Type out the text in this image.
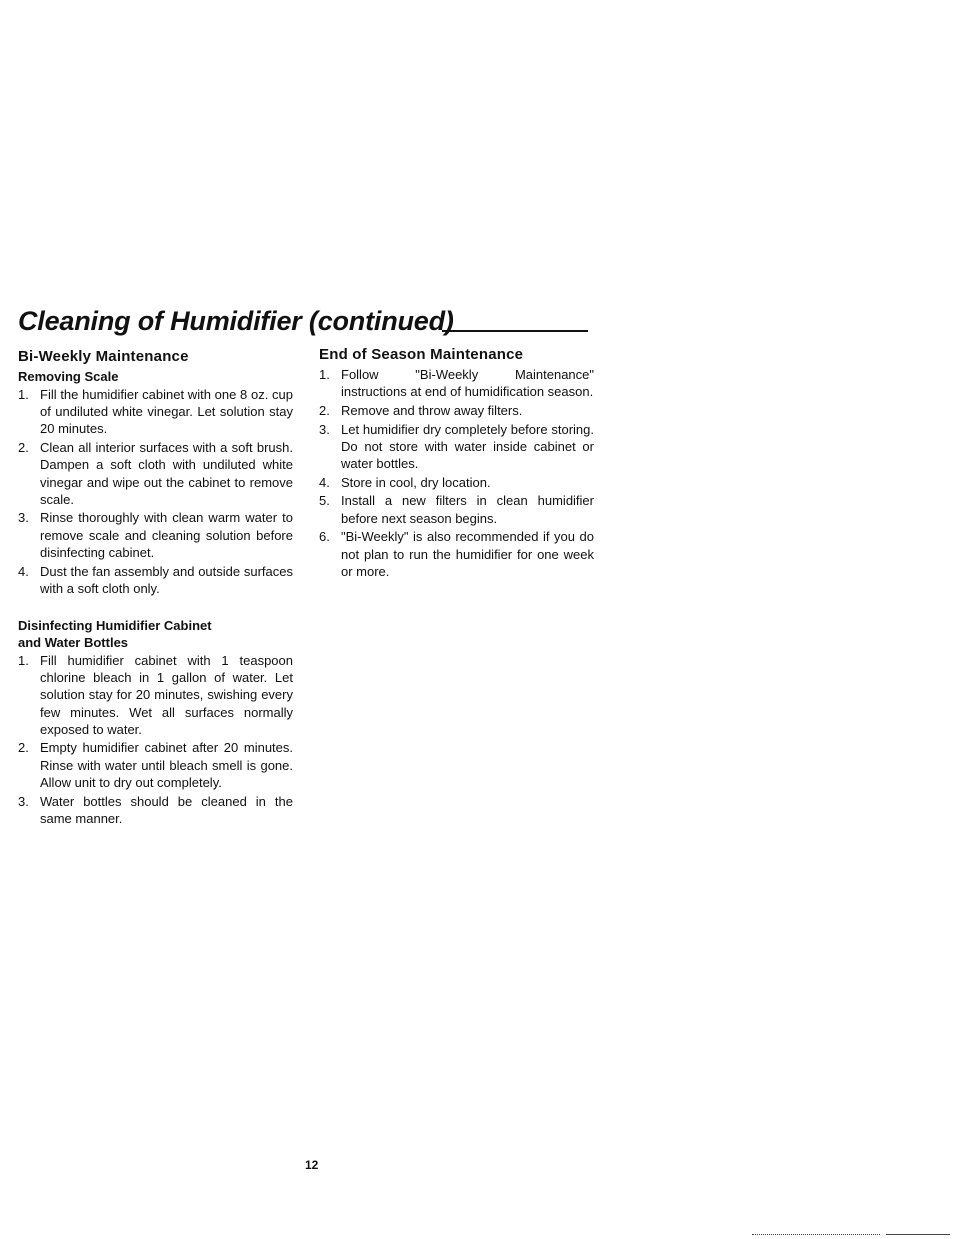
Cleaning of Humidifier (continued)
Bi-Weekly Maintenance
Removing Scale
1. Fill the humidifier cabinet with one 8 oz. cup of undiluted white vinegar. Let solution stay 20 minutes.
2. Clean all interior surfaces with a soft brush. Dampen a soft cloth with undiluted white vinegar and wipe out the cabinet to remove scale.
3. Rinse thoroughly with clean warm water to remove scale and cleaning solution before disinfecting cabinet.
4. Dust the fan assembly and outside surfaces with a soft cloth only.
Disinfecting Humidifier Cabinet
and Water Bottles
1. Fill humidifier cabinet with 1 teaspoon chlorine bleach in 1 gallon of water. Let solution stay for 20 minutes, swishing every few minutes. Wet all surfaces normally exposed to water.
2. Empty humidifier cabinet after 20 minutes. Rinse with water until bleach smell is gone. Allow unit to dry out completely.
3. Water bottles should be cleaned in the same manner.
End of Season Maintenance
1. Follow "Bi-Weekly Maintenance" instructions at end of humidification season.
2. Remove and throw away filters.
3. Let humidifier dry completely before storing. Do not store with water inside cabinet or water bottles.
4. Store in cool, dry location.
5. Install a new filters in clean humidifier before next season begins.
6. "Bi-Weekly" is also recommended if you do not plan to run the humidifier for one week or more.
12
